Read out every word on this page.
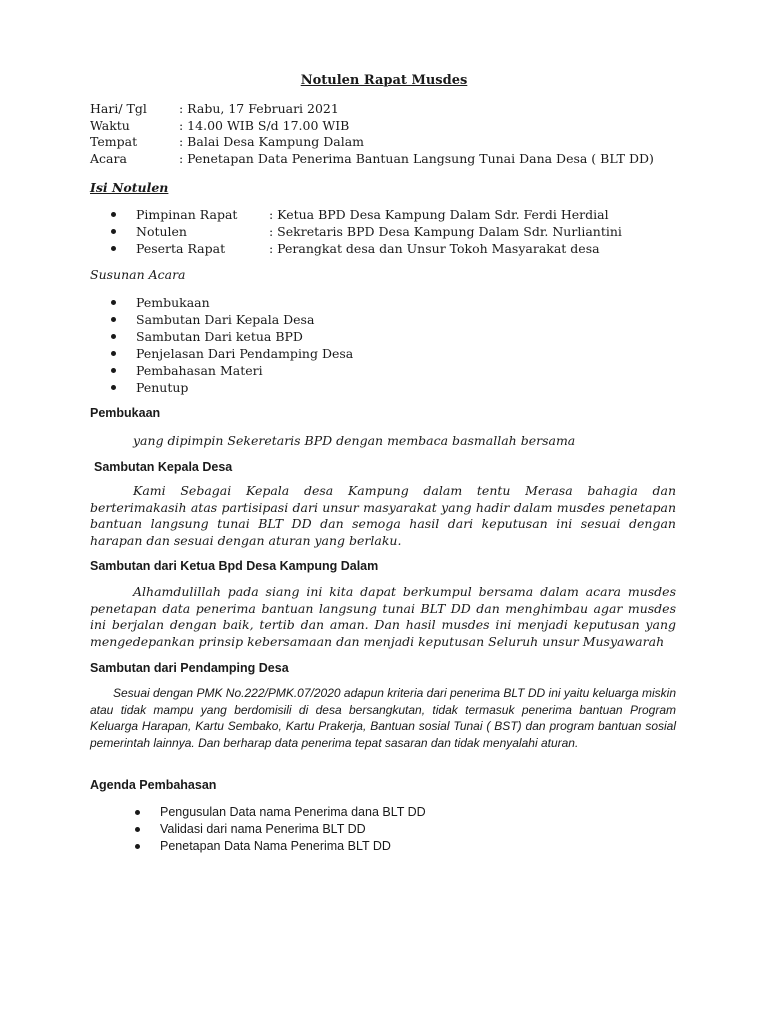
Notulen Rapat Musdes
Hari/ Tgl	: Rabu, 17 Februari 2021
Waktu	: 14.00 WIB S/d 17.00 WIB
Tempat	: Balai Desa Kampung Dalam
Acara	: Penetapan Data Penerima Bantuan Langsung Tunai Dana Desa ( BLT DD)
Isi Notulen
Pimpinan Rapat	: Ketua BPD Desa Kampung Dalam Sdr. Ferdi Herdial
Notulen	: Sekretaris BPD Desa Kampung Dalam Sdr. Nurliantini
Peserta Rapat	: Perangkat desa dan Unsur Tokoh Masyarakat desa
Susunan Acara
Pembukaan
Sambutan Dari Kepala Desa
Sambutan Dari ketua BPD
Penjelasan Dari Pendamping Desa
Pembahasan Materi
Penutup
Pembukaan
yang dipimpin Sekeretaris BPD dengan membaca basmallah bersama
Sambutan Kepala Desa

Kami Sebagai Kepala desa Kampung dalam tentu Merasa bahagia dan berterimakasih atas partisipasi dari unsur masyarakat yang hadir dalam musdes penetapan bantuan langsung tunai BLT DD dan semoga hasil dari keputusan ini sesuai dengan harapan dan sesuai dengan aturan yang berlaku.

Sambutan dari Ketua Bpd Desa Kampung Dalam

Alhamdulillah pada siang ini kita dapat berkumpul bersama dalam acara musdes penetapan data penerima bantuan langsung tunai BLT DD dan menghimbau agar musdes ini berjalan dengan baik, tertib dan aman. Dan hasil musdes ini menjadi keputusan yang mengedepankan prinsip kebersamaan dan menjadi keputusan Seluruh unsur Musyawarah

Sambutan dari Pendamping Desa

Sesuai dengan PMK No.222/PMK.07/2020 adapun kriteria dari penerima BLT DD ini yaitu keluarga miskin atau tidak mampu yang berdomisili di desa bersangkutan, tidak termasuk penerima bantuan Program Keluarga Harapan, Kartu Sembako, Kartu Prakerja, Bantuan sosial Tunai ( BST) dan program bantuan sosial pemerintah lainnya. Dan berharap data penerima tepat sasaran dan tidak menyalahi aturan.

Agenda Pembahasan
Pengusulan Data nama Penerima dana BLT DD
Validasi dari nama Penerima BLT DD
Penetapan Data Nama Penerima BLT DD
